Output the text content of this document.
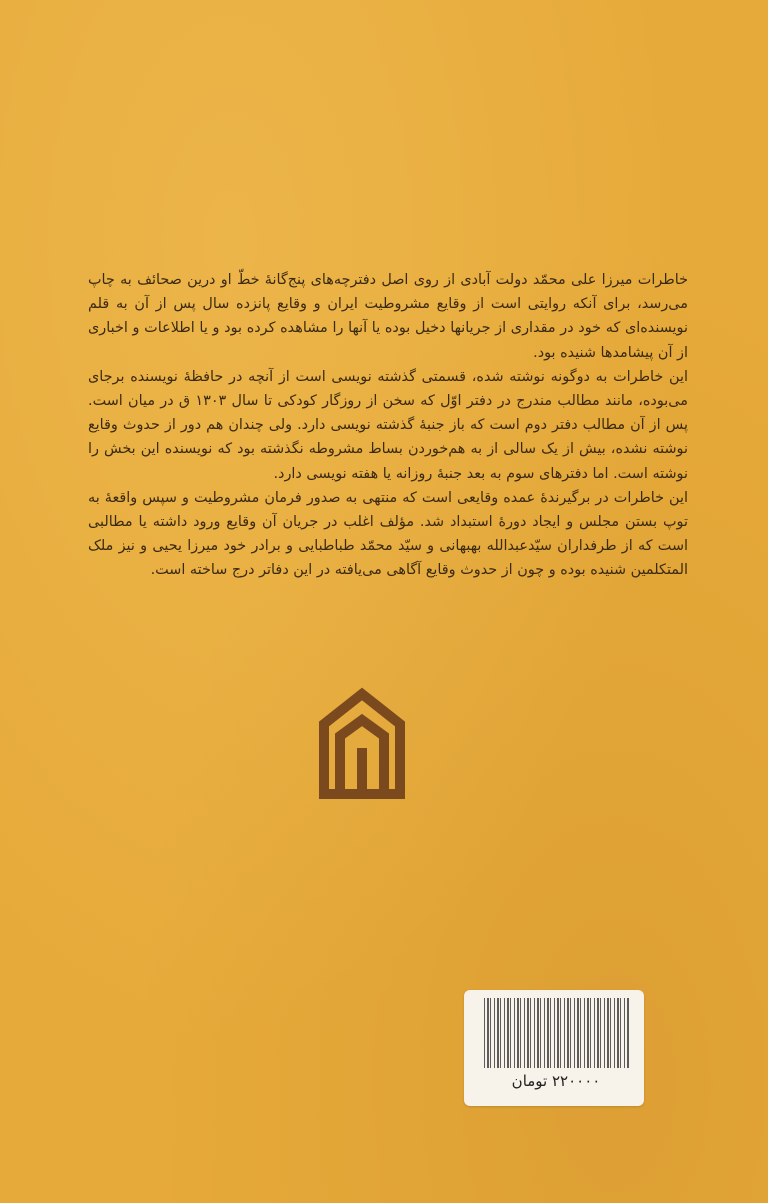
خاطرات میرزا علی محمّد دولت آبادی از روی اصل دفترچه‌های پنج‌گانهٔ خطّ او درین صحائف به چاپ می‌رسد، برای آنکه روایتی است از وقایع مشروطیت ایران و وقایع پانزده سال پس از آن به قلم نویسنده‌ای که خود در مقداری از جریانها دخیل بوده یا آنها را مشاهده کرده بود و یا اطلاعات و اخباری از آن پیشامدها شنیده بود.

این خاطرات به دوگونه نوشته شده، قسمتی گذشته نویسی است از آنچه در حافظهٔ نویسنده برجای می‌بوده، مانند مطالب مندرج در دفتر اوّل که سخن از روزگار کودکی تا سال ۱۳۰۳ ق در میان است. پس از آن مطالب دفتر دوم است که باز جنبهٔ گذشته نویسی دارد. ولی چندان هم دور از حدوث وقایع نوشته نشده، بیش از یک سالی از به هم‌خوردن بساط مشروطه نگذشته بود که نویسنده این بخش را نوشته است. اما دفترهای سوم به بعد جنبهٔ روزانه یا هفته نویسی دارد.

این خاطرات در برگیرندهٔ عمده وقایعی است که منتهی به صدور فرمان مشروطیت و سپس واقعهٔ به توپ بستن مجلس و ایجاد دورهٔ استبداد شد. مؤلف اغلب در جریان آن وقایع ورود داشته یا مطالبی است که از طرفداران سیّدعبدالله بهبهانی و سیّد محمّد طباطبایی و برادر خود میرزا یحیی و نیز ملک المتکلمین شنیده بوده و چون از حدوث وقایع آگاهی می‌یافته در این دفاتر درج ساخته است.

۲۲۰۰۰۰ تومان
